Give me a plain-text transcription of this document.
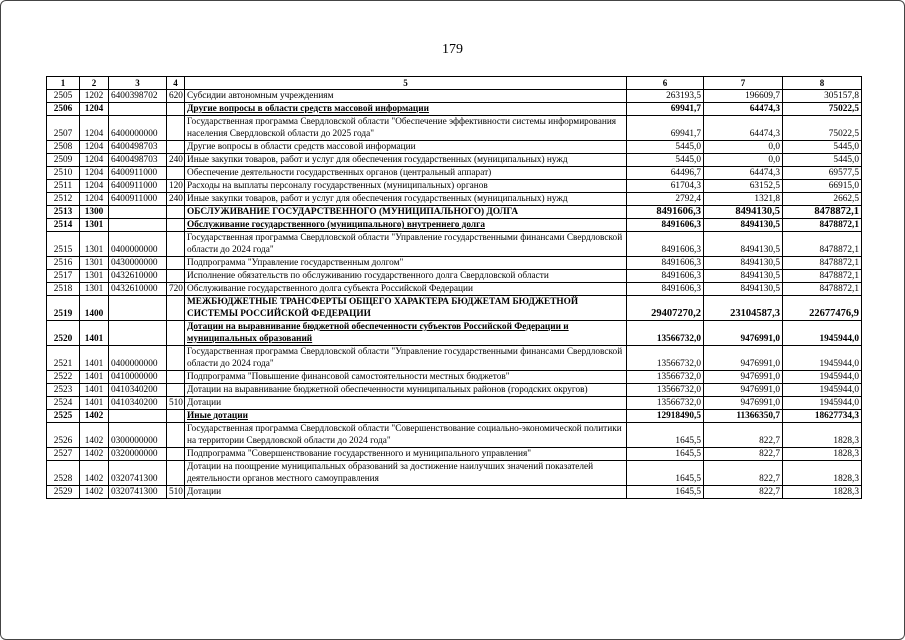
179
1	2	3	4	5	6	7	8
2505	1202	6400398702	620	Субсидии автономным учреждениям	263193,5	196609,7	305157,8
2506	1204			Другие вопросы в области средств массовой информации	69941,7	64474,3	75022,5
2507	1204	6400000000		Государственная программа Свердловской области "Обеспечение эффективности системы информирования населения Свердловской области до 2025 года"	69941,7	64474,3	75022,5
2508	1204	6400498703		Другие вопросы в области средств массовой информации	5445,0	0,0	5445,0
2509	1204	6400498703	240	Иные закупки товаров, работ и услуг для обеспечения государственных (муниципальных) нужд	5445,0	0,0	5445,0
2510	1204	6400911000		Обеспечение деятельности государственных органов (центральный аппарат)	64496,7	64474,3	69577,5
2511	1204	6400911000	120	Расходы на выплаты персоналу государственных (муниципальных) органов	61704,3	63152,5	66915,0
2512	1204	6400911000	240	Иные закупки товаров, работ и услуг для обеспечения государственных (муниципальных) нужд	2792,4	1321,8	2662,5
2513	1300			ОБСЛУЖИВАНИЕ ГОСУДАРСТВЕННОГО (МУНИЦИПАЛЬНОГО) ДОЛГА	8491606,3	8494130,5	8478872,1
2514	1301			Обслуживание государственного (муниципального) внутреннего долга	8491606,3	8494130,5	8478872,1
2515	1301	0400000000		Государственная программа Свердловской области "Управление государственными финансами Свердловской области до 2024 года"	8491606,3	8494130,5	8478872,1
2516	1301	0430000000		Подпрограмма "Управление государственным долгом"	8491606,3	8494130,5	8478872,1
2517	1301	0432610000		Исполнение обязательств по обслуживанию государственного долга Свердловской области	8491606,3	8494130,5	8478872,1
2518	1301	0432610000	720	Обслуживание государственного долга субъекта Российской Федерации	8491606,3	8494130,5	8478872,1
2519	1400			МЕЖБЮДЖЕТНЫЕ ТРАНСФЕРТЫ ОБЩЕГО ХАРАКТЕРА БЮДЖЕТАМ БЮДЖЕТНОЙ СИСТЕМЫ РОССИЙСКОЙ ФЕДЕРАЦИИ	29407270,2	23104587,3	22677476,9
2520	1401			Дотации на выравнивание бюджетной обеспеченности субъектов Российской Федерации и муниципальных образований	13566732,0	9476991,0	1945944,0
2521	1401	0400000000		Государственная программа Свердловской области "Управление государственными финансами Свердловской области до 2024 года"	13566732,0	9476991,0	1945944,0
2522	1401	0410000000		Подпрограмма "Повышение финансовой самостоятельности местных бюджетов"	13566732,0	9476991,0	1945944,0
2523	1401	0410340200		Дотации на выравнивание бюджетной обеспеченности муниципальных районов (городских округов)	13566732,0	9476991,0	1945944,0
2524	1401	0410340200	510	Дотации	13566732,0	9476991,0	1945944,0
2525	1402			Иные дотации	12918490,5	11366350,7	18627734,3
2526	1402	0300000000		Государственная программа Свердловской области "Совершенствование социально-экономической политики на территории Свердловской области до 2024 года"	1645,5	822,7	1828,3
2527	1402	0320000000		Подпрограмма "Совершенствование государственного и муниципального управления"	1645,5	822,7	1828,3
2528	1402	0320741300		Дотации на поощрение муниципальных образований за достижение наилучших значений показателей деятельности органов местного самоуправления	1645,5	822,7	1828,3
2529	1402	0320741300	510	Дотации	1645,5	822,7	1828,3
